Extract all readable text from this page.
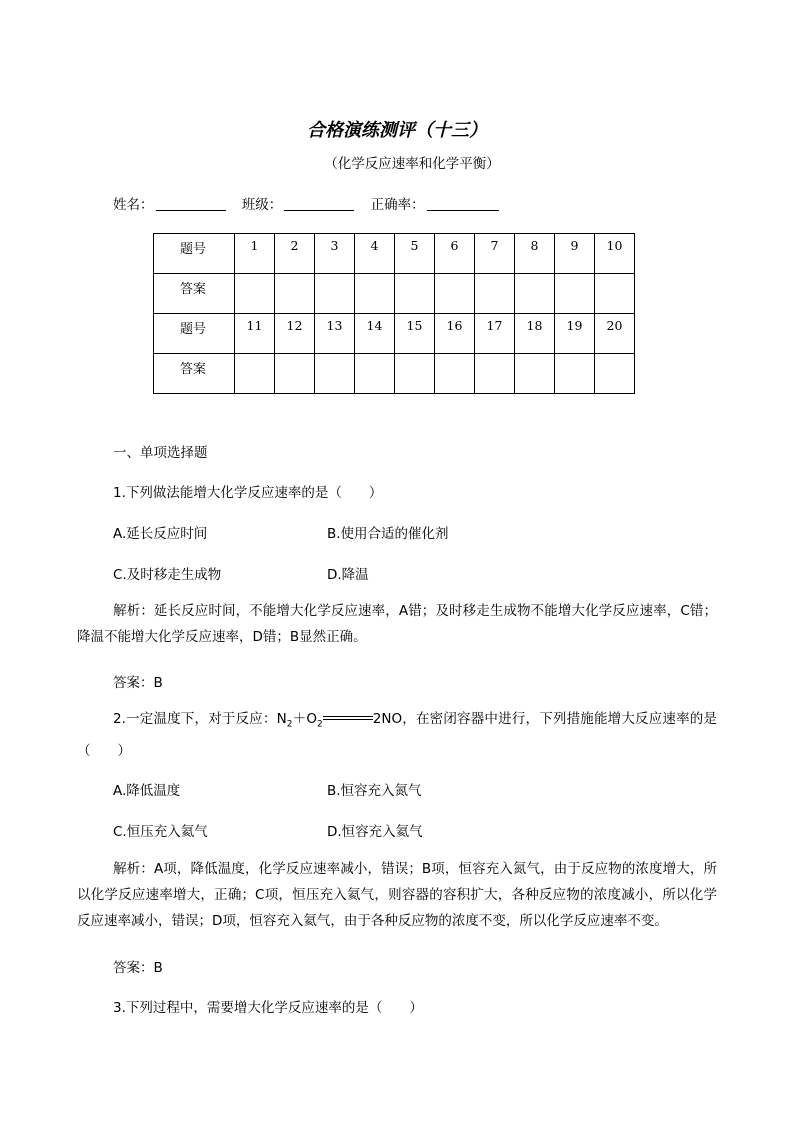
合格演练测评（十三）
（化学反应速率和化学平衡）
姓名：	班级：	正确率：
题号	1	2	3	4	5	6	7	8	9	10
答案										
题号	11	12	13	14	15	16	17	18	19	20
答案										
一、单项选择题
1.下列做法能增大化学反应速率的是（　　）
A.延长反应时间	B.使用合适的催化剂
C.及时移走生成物	D.降温
解析：延长反应时间，不能增大化学反应速率，A错；及时移走生成物不能增大化学反应速率，C错；降温不能增大化学反应速率，D错；B显然正确。
答案：B
2.一定温度下，对于反应：$N_2+O_2$	2NO，在密闭容器中进行，下列措施能增大反应速率的是（　　）
A.降低温度	B.恒容充入氮气
C.恒压充入氦气	D.恒容充入氦气
解析：A项，降低温度，化学反应速率减小，错误；B项，恒容充入氮气，由于反应物的浓度增大，所以化学反应速率增大，正确；C项，恒压充入氦气，则容器的容积扩大，各种反应物的浓度减小，所以化学反应速率减小，错误；D项，恒容充入氦气，由于各种反应物的浓度不变，所以化学反应速率不变。
答案：B
3.下列过程中，需要增大化学反应速率的是（　　）
